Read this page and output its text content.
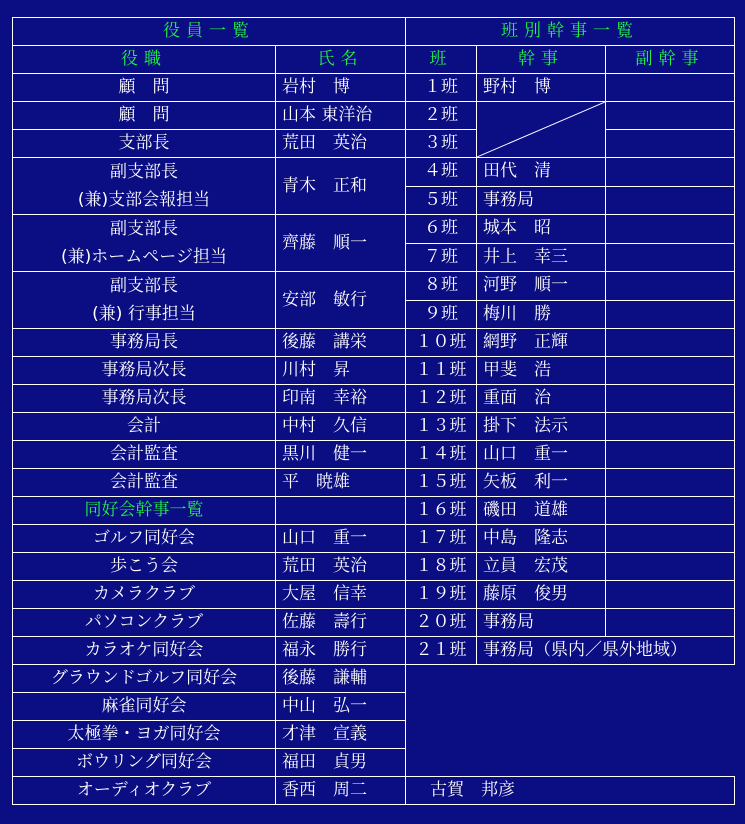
役員一覧		班別幹事一覧		
役職	氏名	班	幹事	副幹事
顧　問	岩村　博	１班	野村　博	
顧　問	山本 東洋治	２班	

支部長	荒田　英治	３班		

副支部長
(兼)支部会報担当	青木　正和	４班	田代　清	
		５班	事務局	

副支部長
(兼)ホームページ担当	齊藤　順一	６班	城本　昭	
		７班	井上　幸三	

副支部長
(兼) 行事担当	安部　敏行	８班	河野　順一	
		９班	梅川　勝	
事務局長	後藤　講栄	１０班	網野　正輝	
事務局次長	川村　昇	１１班	甲斐　浩	
事務局次長	印南　幸裕	１２班	重面　治	
会計	中村　久信	１３班	掛下　法示	
会計監査	黒川　健一	１４班	山口　重一	
会計監査	平　暁雄	１５班	矢板　利一	
同好会幹事一覧		１６班	磯田　道雄	
ゴルフ同好会	山口　重一	１７班	中島　隆志	
歩こう会	荒田　英治	１８班	立員　宏茂	
カメラクラブ	大屋　信幸	１９班	藤原　俊男	
パソコンクラブ	佐藤　壽行	２０班	事務局	
カラオケ同好会	福永　勝行	２１班	事務局（県内／県外地域）	
グラウンドゴルフ同好会	後藤　謙輔			
麻雀同好会	中山　弘一			
太極拳・ヨガ同好会	才津　宣義			
ボウリング同好会	福田　貞男			
オーディオクラブ	香西　周二	古賀　邦彦		
